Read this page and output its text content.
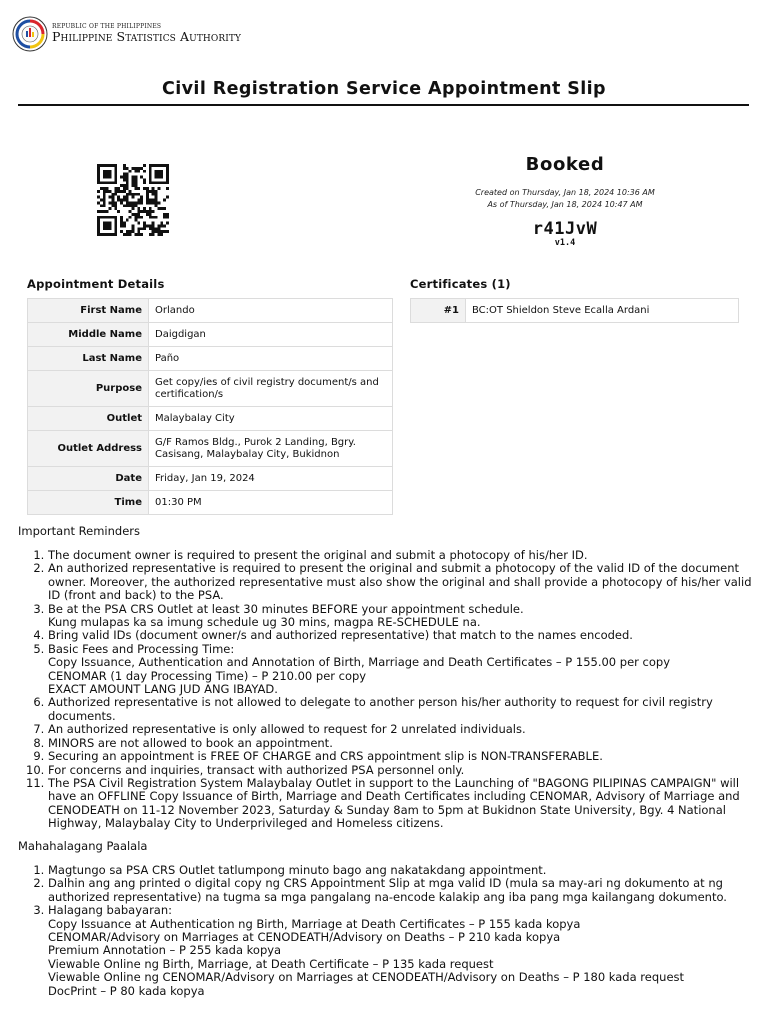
REPUBLIC OF THE PHILIPPINES
Philippine Statistics Authority
Civil Registration Service Appointment Slip
Booked
Created on Thursday, Jan 18, 2024 10:36 AM
As of Thursday, Jan 18, 2024 10:47 AM
r41JvW
v1.4
Appointment Details	Certificates (1)
First Name	Orlando
Middle Name	Daigdigan
Last Name	Paño
Purpose	Get copy/ies of civil registry document/s and certification/s
Outlet	Malaybalay City
Outlet Address	G/F Ramos Bldg., Purok 2 Landing, Bgry. Casisang, Malaybalay City, Bukidnon
Date	Friday, Jan 19, 2024
Time	01:30 PM
#1	BC:OT Shieldon Steve Ecalla Ardani
Important Reminders
1. The document owner is required to present the original and submit a photocopy of his/her ID.
2. An authorized representative is required to present the original and submit a photocopy of the valid ID of the document owner. Moreover, the authorized representative must also show the original and shall provide a photocopy of his/her valid ID (front and back) to the PSA.
3. Be at the PSA CRS Outlet at least 30 minutes BEFORE your appointment schedule.
Kung mulapas ka sa imung schedule ug 30 mins, magpa RE-SCHEDULE na.
4. Bring valid IDs (document owner/s and authorized representative) that match to the names encoded.
5. Basic Fees and Processing Time:
Copy Issuance, Authentication and Annotation of Birth, Marriage and Death Certificates – P 155.00 per copy
CENOMAR (1 day Processing Time) – P 210.00 per copy
EXACT AMOUNT LANG JUD ANG IBAYAD.
6. Authorized representative is not allowed to delegate to another person his/her authority to request for civil registry documents.
7. An authorized representative is only allowed to request for 2 unrelated individuals.
8. MINORS are not allowed to book an appointment.
9. Securing an appointment is FREE OF CHARGE and CRS appointment slip is NON-TRANSFERABLE.
10. For concerns and inquiries, transact with authorized PSA personnel only.
11. The PSA Civil Registration System Malaybalay Outlet in support to the Launching of "BAGONG PILIPINAS CAMPAIGN" will have an OFFLINE Copy Issuance of Birth, Marriage and Death Certificates including CENOMAR, Advisory of Marriage and CENODEATH on 11-12 November 2023, Saturday & Sunday 8am to 5pm at Bukidnon State University, Bgy. 4 National Highway, Malaybalay City to Underprivileged and Homeless citizens.
Mahahalagang Paalala
1. Magtungo sa PSA CRS Outlet tatlumpong minuto bago ang nakatakdang appointment.
2. Dalhin ang ang printed o digital copy ng CRS Appointment Slip at mga valid ID (mula sa may-ari ng dokumento at ng authorized representative) na tugma sa mga pangalang na-encode kalakip ang iba pang mga kailangang dokumento.
3. Halagang babayaran:
Copy Issuance at Authentication ng Birth, Marriage at Death Certificates – P 155 kada kopya
CENOMAR/Advisory on Marriages at CENODEATH/Advisory on Deaths – P 210 kada kopya
Premium Annotation – P 255 kada kopya
Viewable Online ng Birth, Marriage, at Death Certificate – P 135 kada request
Viewable Online ng CENOMAR/Advisory on Marriages at CENODEATH/Advisory on Deaths – P 180 kada request
DocPrint – P 80 kada kopya
